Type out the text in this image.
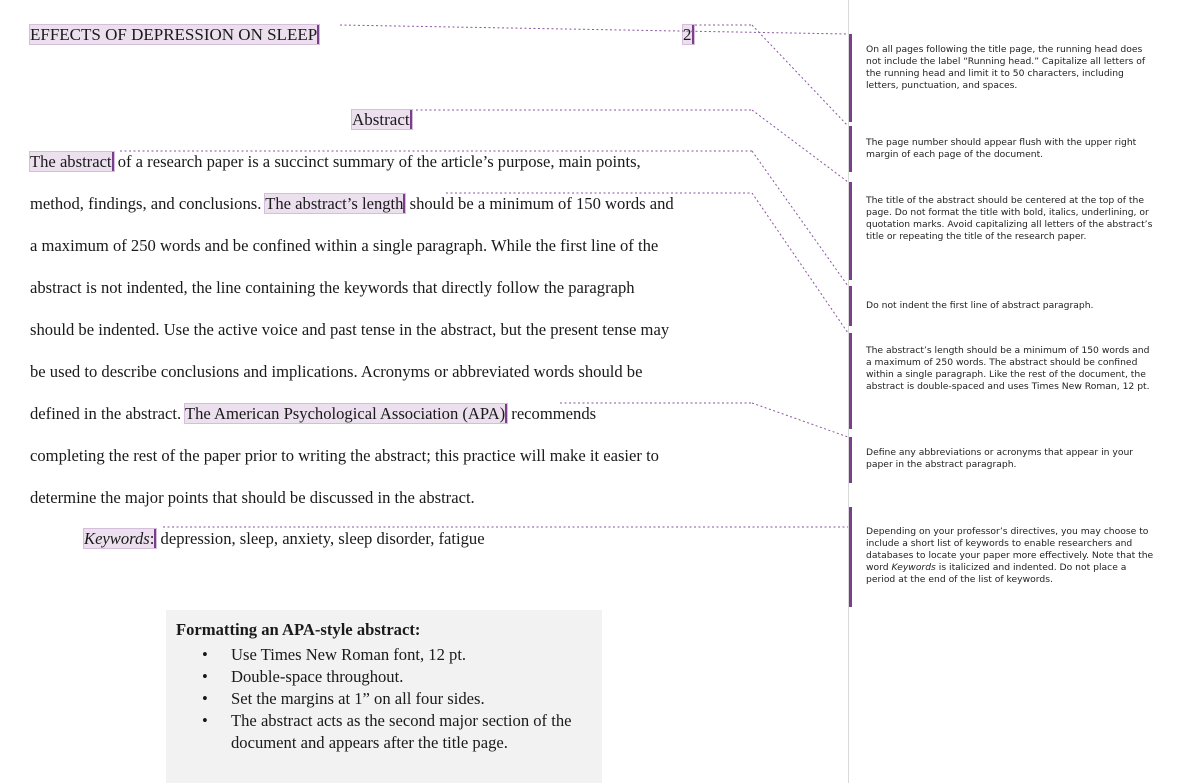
EFFECTS OF DEPRESSION ON SLEEP	2
Abstract
The abstract of a research paper is a succinct summary of the article’s purpose, main points,
method, findings, and conclusions. The abstract’s length should be a minimum of 150 words and
a maximum of 250 words and be confined within a single paragraph. While the first line of the
abstract is not indented, the line containing the keywords that directly follow the paragraph
should be indented. Use the active voice and past tense in the abstract, but the present tense may
be used to describe conclusions and implications. Acronyms or abbreviated words should be
defined in the abstract. The American Psychological Association (APA) recommends
completing the rest of the paper prior to writing the abstract; this practice will make it easier to
determine the major points that should be discussed in the abstract.
Keywords: depression, sleep, anxiety, sleep disorder, fatigue
Formatting an APA-style abstract:
• Use Times New Roman font, 12 pt.
• Double-space throughout.
• Set the margins at 1” on all four sides.
• The abstract acts as the second major section of the document and appears after the title page.
On all pages following the title page, the running head does not include the label “Running head.” Capitalize all letters of the running head and limit it to 50 characters, including letters, punctuation, and spaces.
The page number should appear flush with the upper right margin of each page of the document.
The title of the abstract should be centered at the top of the page. Do not format the title with bold, italics, underlining, or quotation marks. Avoid capitalizing all letters of the abstract’s title or repeating the title of the research paper.
Do not indent the first line of abstract paragraph.
The abstract’s length should be a minimum of 150 words and a maximum of 250 words. The abstract should be confined within a single paragraph. Like the rest of the document, the abstract is double-spaced and uses Times New Roman, 12 pt.
Define any abbreviations or acronyms that appear in your paper in the abstract paragraph.
Depending on your professor’s directives, you may choose to include a short list of keywords to enable researchers and databases to locate your paper more effectively. Note that the word Keywords is italicized and indented. Do not place a period at the end of the list of keywords.
